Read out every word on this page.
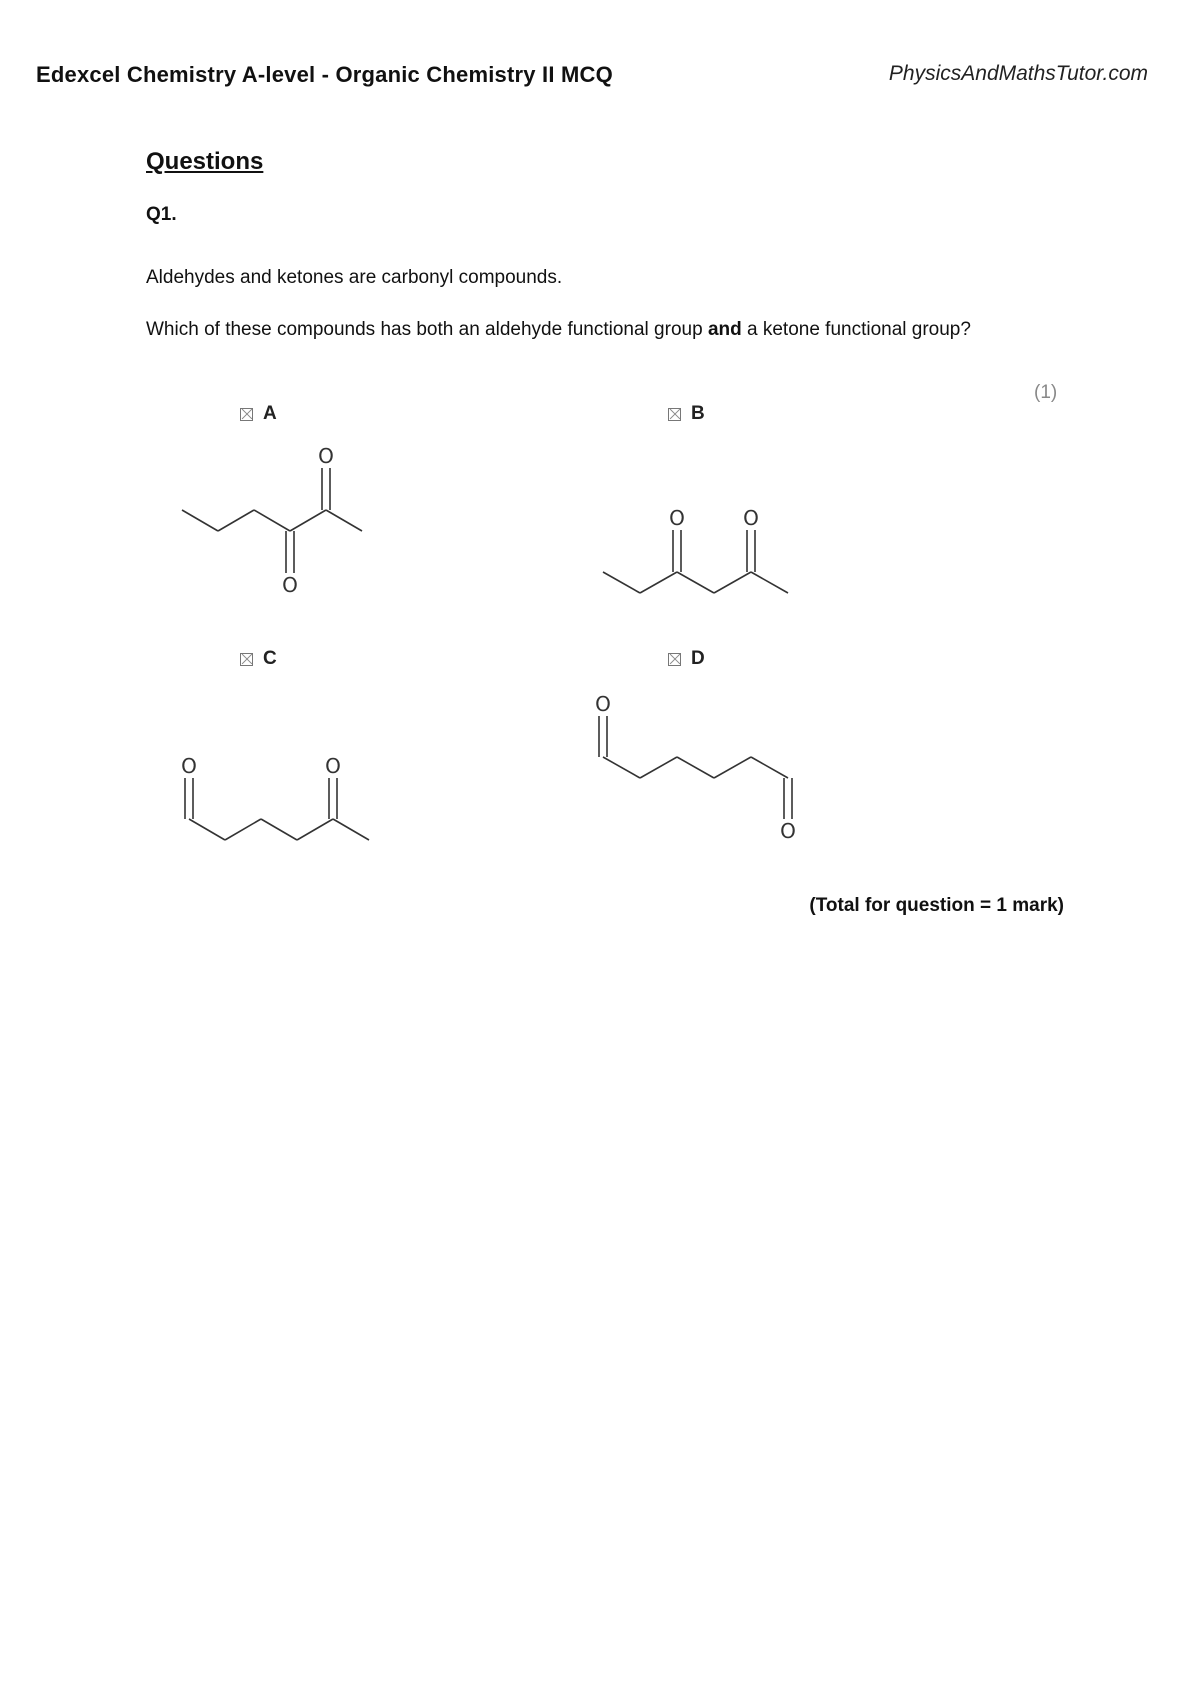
Edexcel Chemistry A-level - Organic Chemistry II MCQ	PhysicsAndMathsTutor.com
Questions
Q1.
Aldehydes and ketones are carbonyl compounds.
Which of these compounds has both an aldehyde functional group and a ketone functional group?
(1)
A	B
C	D
O
O
O	O
O	O
O
O
(Total for question = 1 mark)
